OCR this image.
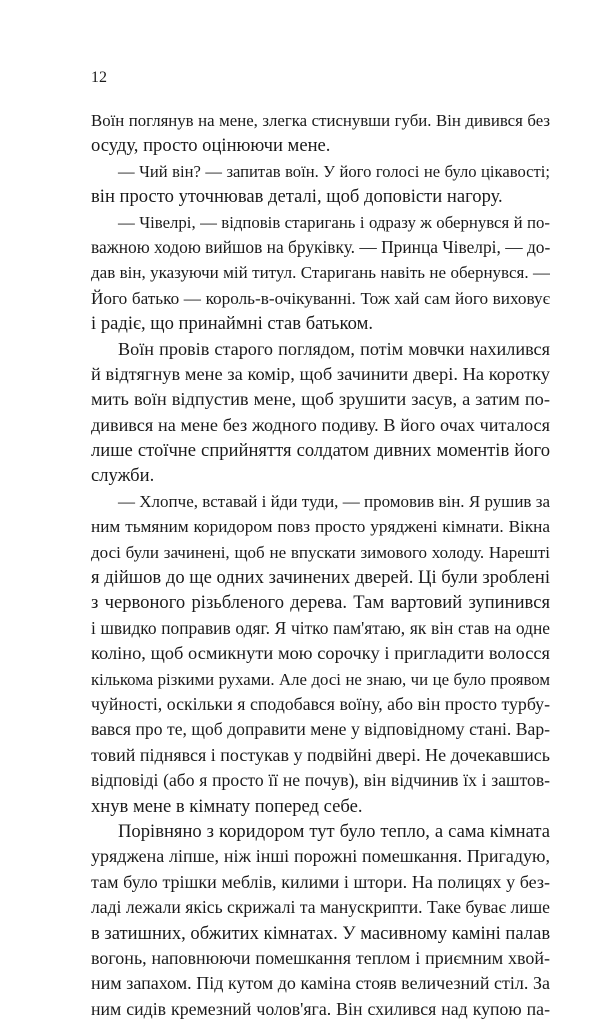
12
Воїн поглянув на мене, злегка стиснувши губи. Він дивився без
осуду, просто оцінюючи мене.
— Чий він? — запитав воїн. У його голосі не було цікавості;
він просто уточнював деталі, щоб доповісти нагору.
— Чівелрі, — відповів старигань і одразу ж обернувся й по-
важною ходою вийшов на бруківку. — Принца Чівелрі, — до-
дав він, указуючи мій титул. Старигань навіть не обернувся. —
Його батько — король-в-очікуванні. Тож хай сам його виховує
і радіє, що принаймні став батьком.
Воїн провів старого поглядом, потім мовчки нахилився
й відтягнув мене за комір, щоб зачинити двері. На коротку
мить воїн відпустив мене, щоб зрушити засув, а затим по-
дивився на мене без жодного подиву. В його очах читалося
лише стоїчне сприйняття солдатом дивних моментів його
служби.
— Хлопче, вставай і йди туди, — промовив він. Я рушив за
ним тьмяним коридором повз просто уряджені кімнати. Вікна
досі були зачинені, щоб не впускати зимового холоду. Нарешті
я дійшов до ще одних зачинених дверей. Ці були зроблені
з червоного різьбленого дерева. Там вартовий зупинився
і швидко поправив одяг. Я чітко пам'ятаю, як він став на одне
коліно, щоб осмикнути мою сорочку і пригладити волосся
кількома різкими рухами. Але досі не знаю, чи це було проявом
чуйності, оскільки я сподобався воїну, або він просто турбу-
вався про те, щоб доправити мене у відповідному стані. Вар-
товий піднявся і постукав у подвійні двері. Не дочекавшись
відповіді (або я просто її не почув), він відчинив їх і заштов-
хнув мене в кімнату поперед себе.
Порівняно з коридором тут було тепло, а сама кімната
уряджена ліпше, ніж інші порожні помешкання. Пригадую,
там було трішки меблів, килими і штори. На полицях у без-
ладі лежали якісь скрижалі та манускрипти. Таке буває лише
в затишних, обжитих кімнатах. У масивному каміні палав
вогонь, наповнюючи помешкання теплом і приємним хвой-
ним запахом. Під кутом до каміна стояв величезний стіл. За
ним сидів кремезний чолов'яга. Він схилився над купою па-
